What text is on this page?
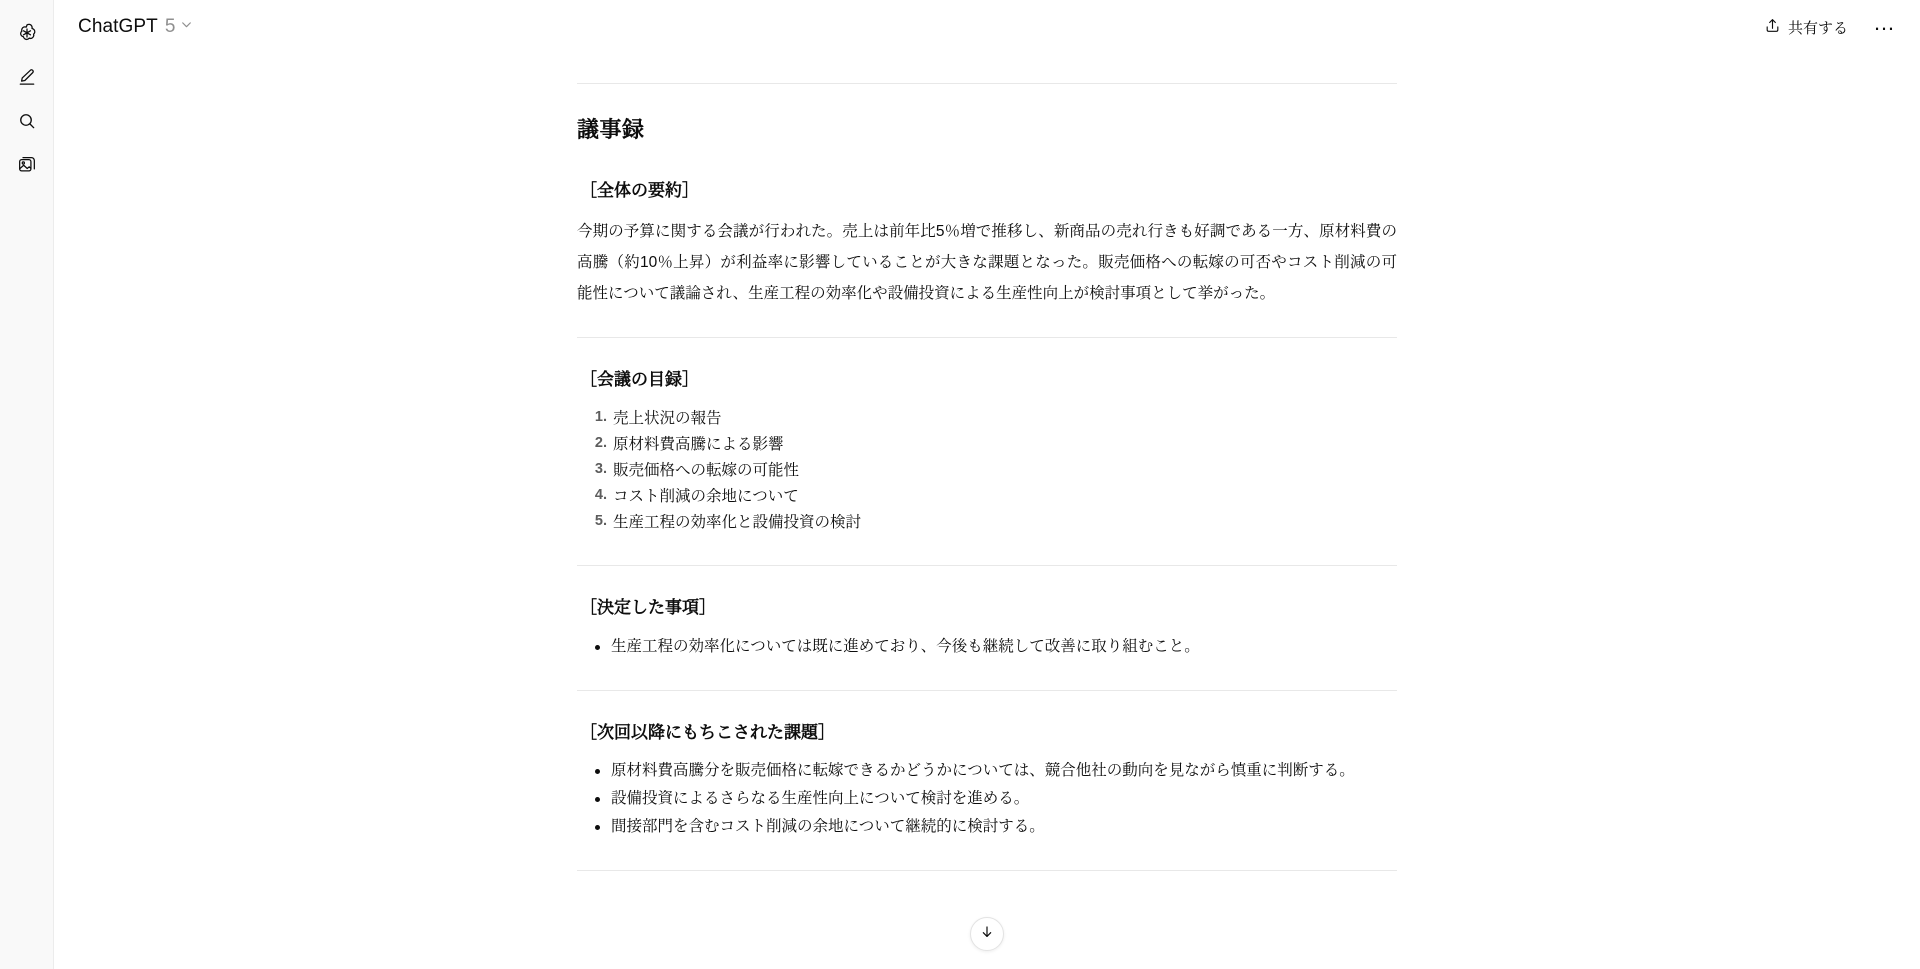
ChatGPT 5	共有する	…

議事録
［全体の要約］

今期の予算に関する会議が行われた。売上は前年比5％増で推移し、新商品の売れ行きも好調である一方、原材料費の高騰（約10％上昇）が利益率に影響していることが大きな課題となった。販売価格への転嫁の可否やコスト削減の可能性について議論され、生産工程の効率化や設備投資による生産性向上が検討事項として挙がった。

［会議の目録］
売上状況の報告
原材料費高騰による影響
販売価格への転嫁の可能性
コスト削減の余地について
生産工程の効率化と設備投資の検討
［決定した事項］
生産工程の効率化については既に進めており、今後も継続して改善に取り組むこと。
［次回以降にもちこされた課題］
原材料費高騰分を販売価格に転嫁できるかどうかについては、競合他社の動向を見ながら慎重に判断する。
設備投資によるさらなる生産性向上について検討を進める。
間接部門を含むコスト削減の余地について継続的に検討する。
